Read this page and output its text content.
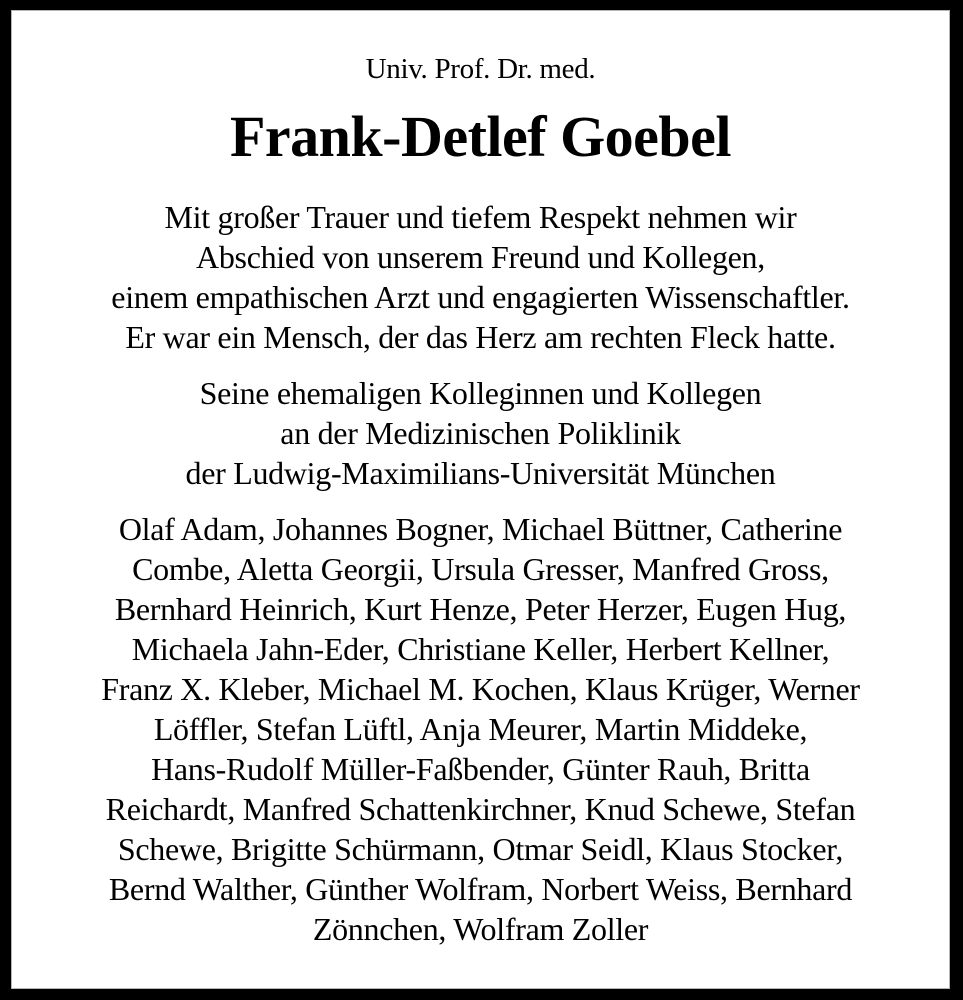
Univ. Prof. Dr. med.
Frank-Detlef Goebel
Mit großer Trauer und tiefem Respekt nehmen wir
Abschied von unserem Freund und Kollegen,
einem empathischen Arzt und engagierten Wissenschaftler.
Er war ein Mensch, der das Herz am rechten Fleck hatte.
Seine ehemaligen Kolleginnen und Kollegen
an der Medizinischen Poliklinik
der Ludwig-Maximilians-Universität München
Olaf Adam, Johannes Bogner, Michael Büttner, Catherine
Combe, Aletta Georgii, Ursula Gresser, Manfred Gross,
Bernhard Heinrich, Kurt Henze, Peter Herzer, Eugen Hug,
Michaela Jahn-Eder, Christiane Keller, Herbert Kellner,
Franz X. Kleber, Michael M. Kochen, Klaus Krüger, Werner
Löffler, Stefan Lüftl, Anja Meurer, Martin Middeke,
Hans-Rudolf Müller-Faßbender, Günter Rauh, Britta
Reichardt, Manfred Schattenkirchner, Knud Schewe, Stefan
Schewe, Brigitte Schürmann, Otmar Seidl, Klaus Stocker,
Bernd Walther, Günther Wolfram, Norbert Weiss, Bernhard
Zönnchen, Wolfram Zoller
